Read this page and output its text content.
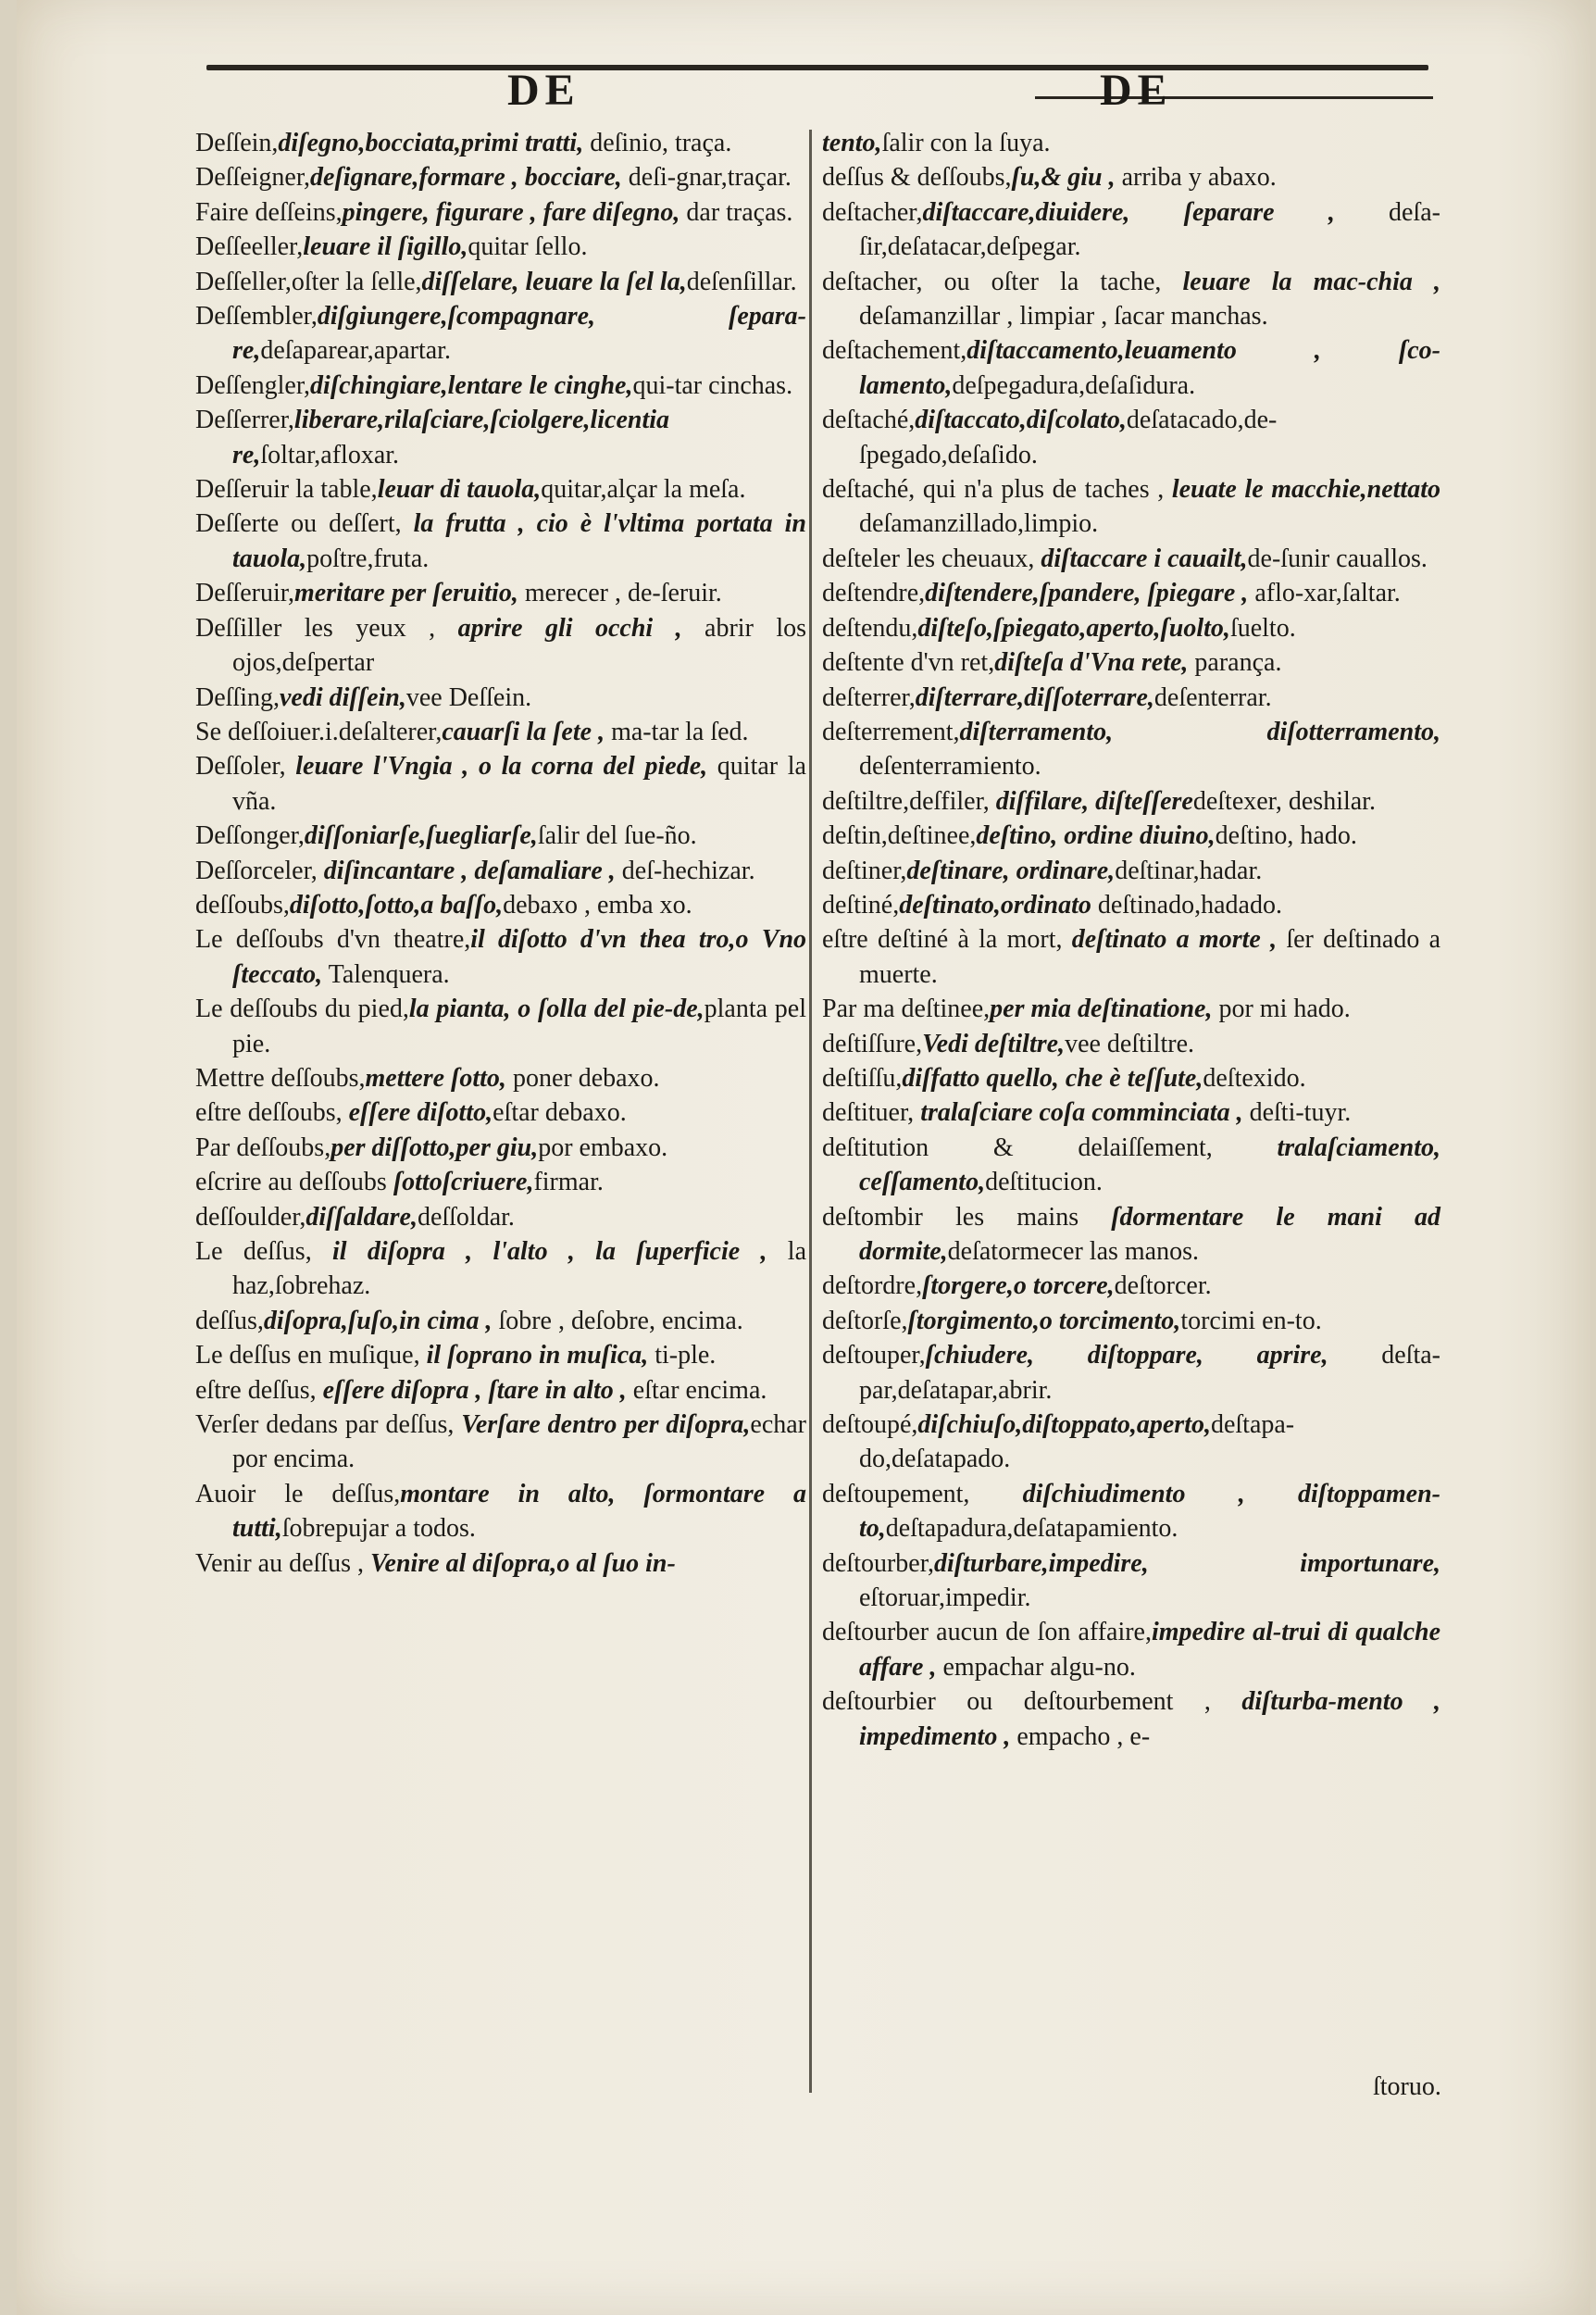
DE	DE

Deſſein,diſegno,bocciata,primi tratti, deſinio, traça.

Deſſeigner,deſignare,formare , bocciare, deſi-gnar,traçar.

Faire deſſeins,pingere, figurare , fare diſegno, dar traças.

Deſſeeller,leuare il ſigillo,quitar ſello.

Deſſeller,oſter la ſelle,diſſelare, leuare la ſel la,deſenſillar.

Deſſembler,diſgiungere,ſcompagnare, ſepara-re,deſaparear,apartar.

Deſſengler,diſchingiare,lentare le cinghe,qui-tar cinchas.

Deſſerrer,liberare,rilaſciare,ſciolgere,licentia re,ſoltar,afloxar.

Deſſeruir la table,leuar di tauola,quitar,alçar la meſa.

Deſſerte ou deſſert, la frutta , cio è l'vltima portata in tauola,poſtre,fruta.

Deſſeruir,meritare per ſeruitio, merecer , de-ſeruir.

Deſſiller les yeux , aprire gli occhi , abrir los ojos,deſpertar

Deſſing,vedi diſſein,vee Deſſein.

Se deſſoiuer.i.deſalterer,cauarſi la ſete , ma-tar la ſed.

Deſſoler, leuare l'Vngia , o la corna del piede, quitar la vña.

Deſſonger,diſſoniarſe,ſuegliarſe,ſalir del ſue-ño.

Deſſorceler, diſincantare , deſamaliare , deſ-hechizar.

deſſoubs,diſotto,ſotto,a baſſo,debaxo , emba xo.

Le deſſoubs d'vn theatre,il diſotto d'vn thea tro,o Vno ſteccato, Talenquera.

Le deſſoubs du pied,la pianta, o ſolla del pie-de,planta pel pie.

Mettre deſſoubs,mettere ſotto, poner debaxo.

eſtre deſſoubs, eſſere diſotto,eſtar debaxo.

Par deſſoubs,per diſſotto,per giu,por embaxo.

eſcrire au deſſoubs ſottoſcriuere,firmar.

deſſoulder,diſſaldare,deſſoldar.

Le deſſus, il diſopra , l'alto , la ſuperficie , la haz,ſobrehaz.

deſſus,diſopra,ſuſo,in cima , ſobre , deſobre, encima.

Le deſſus en muſique, il ſoprano in muſica, ti-ple.

eſtre deſſus, eſſere diſopra , ſtare in alto , eſtar encima.

Verſer dedans par deſſus, Verſare dentro per diſopra,echar por encima.

Auoir le deſſus,montare in alto, ſormontare a tutti,ſobrepujar a todos.

Venir au deſſus , Venire al diſopra,o al ſuo in-

tento,ſalir con la ſuya.

deſſus & deſſoubs,ſu,& giu , arriba y abaxo.

deſtacher,diſtaccare,diuidere, ſeparare , deſa-ſir,deſatacar,deſpegar.

deſtacher, ou oſter la tache, leuare la mac-chia , deſamanzillar , limpiar , ſacar manchas.

deſtachement,diſtaccamento,leuamento , ſco-lamento,deſpegadura,deſaſidura.

deſtaché,diſtaccato,diſcolato,deſatacado,de-ſpegado,deſaſido.

deſtaché, qui n'a plus de taches , leuate le macchie,nettato deſamanzillado,limpio.

deſteler les cheuaux, diſtaccare i cauailt,de-ſunir cauallos.

deſtendre,diſtendere,ſpandere, ſpiegare , aflo-xar,ſaltar.

deſtendu,diſteſo,ſpiegato,aperto,ſuolto,ſuelto.

deſtente d'vn ret,diſteſa d'Vna rete, parança.

deſterrer,diſterrare,diſſoterrare,deſenterrar.

deſterrement,diſterramento, diſotterramento, deſenterramiento.

deſtiltre,deſfiler, diſfilare, diſteſſeredeſtexer, deshilar.

deſtin,deſtinee,deſtino, ordine diuino,deſtino, hado.

deſtiner,deſtinare, ordinare,deſtinar,hadar.

deſtiné,deſtinato,ordinato deſtinado,hadado.

eſtre deſtiné à la mort, deſtinato a morte , ſer deſtinado a muerte.

Par ma deſtinee,per mia deſtinatione, por mi hado.

deſtiſſure,Vedi deſtiltre,vee deſtiltre.

deſtiſſu,diſfatto quello, che è teſſute,deſtexido.

deſtituer, tralaſciare coſa comminciata , deſti-tuyr.

deſtitution & delaiſſement, tralaſciamento, ceſſamento,deſtitucion.

deſtombir les mains ſdormentare le mani ad dormite,deſatormecer las manos.

deſtordre,ſtorgere,o torcere,deſtorcer.

deſtorſe,ſtorgimento,o torcimento,torcimi en-to.

deſtouper,ſchiudere, diſtoppare, aprire, deſta-par,deſatapar,abrir.

deſtoupé,diſchiuſo,diſtoppato,aperto,deſtapa-do,deſatapado.

deſtoupement, diſchiudimento , diſtoppamen-to,deſtapadura,deſatapamiento.

deſtourber,diſturbare,impedire, importunare, eſtoruar,impedir.

deſtourber aucun de ſon affaire,impedire al-trui di qualche affare , empachar algu-no.

deſtourbier ou deſtourbement , diſturba-mento , impedimento , empacho , e-

ſtoruo.
